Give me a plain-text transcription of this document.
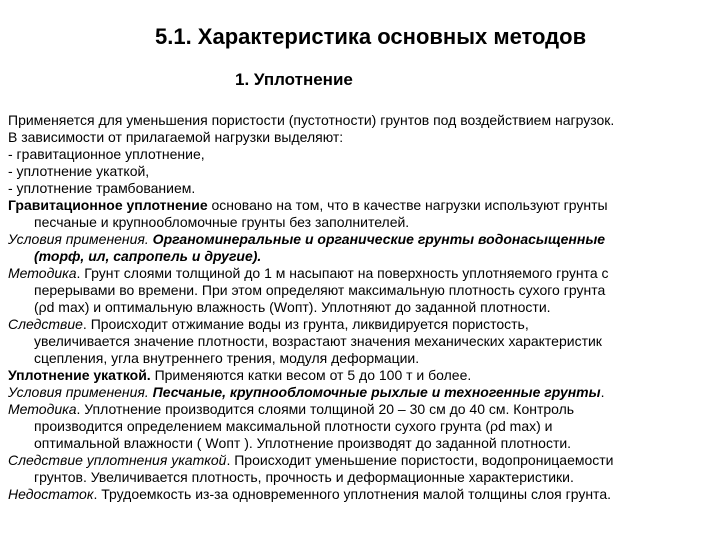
5.1. Характеристика основных методов
1. Уплотнение
Применяется для уменьшения пористости (пустотности) грунтов под воздействием нагрузок.
В зависимости от прилагаемой нагрузки выделяют:
- гравитационное уплотнение,
- уплотнение укаткой,
- уплотнение трамбованием.
Гравитационное уплотнение основано на том, что в качестве нагрузки используют грунты
песчаные и крупнообломочные грунты без заполнителей.
Условия применения. Органоминеральные и органические грунты водонасыщенные
(торф, ил, сапропель и другие).
Методика. Грунт слоями толщиной до 1 м насыпают на поверхность уплотняемого грунта с
перерывами во времени. При этом определяют максимальную плотность сухого грунта
(ρd max) и оптимальную влажность (Wопт). Уплотняют до заданной плотности.
Следствие. Происходит отжимание воды из грунта, ликвидируется пористость,
увеличивается значение плотности, возрастают значения механических характеристик
сцепления, угла внутреннего трения, модуля деформации.
Уплотнение укаткой. Применяются катки весом от 5 до 100 т и более.
Условия применения. Песчаные, крупнообломочные рыхлые и техногенные грунты.
Методика. Уплотнение производится слоями толщиной 20 – 30 см до 40 см. Контроль
производится определением максимальной плотности сухого грунта (ρd max) и
оптимальной влажности ( Wопт ). Уплотнение производят до заданной плотности.
Следствие уплотнения укаткой. Происходит уменьшение пористости, водопроницаемости
грунтов. Увеличивается плотность, прочность и деформационные характеристики.
Недостаток. Трудоемкость из-за одновременного уплотнения малой толщины слоя грунта.
